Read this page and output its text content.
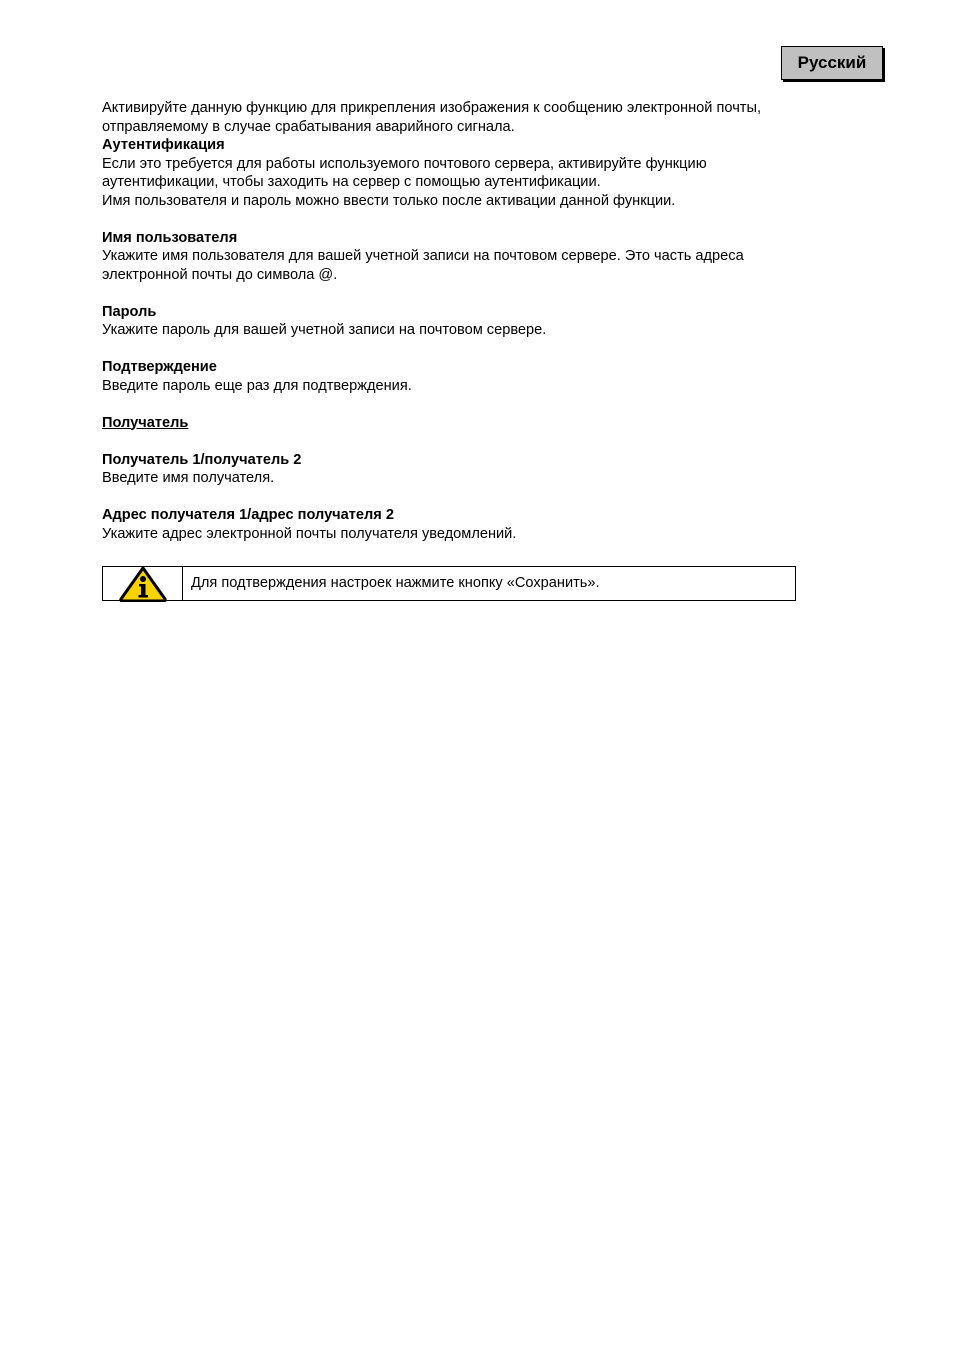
Русский

Активируйте данную функцию для прикрепления изображения к сообщению электронной почты,

отправляемому в случае срабатывания аварийного сигнала.

Аутентификация

Если это требуется для работы используемого почтового сервера, активируйте функцию

аутентификации, чтобы заходить на сервер с помощью аутентификации.

Имя пользователя и пароль можно ввести только после активации данной функции.

Имя пользователя

Укажите имя пользователя для вашей учетной записи на почтовом сервере. Это часть адреса

электронной почты до символа @.

Пароль

Укажите пароль для вашей учетной записи на почтовом сервере.

Подтверждение

Введите пароль еще раз для подтверждения.

Получатель

Получатель 1/получатель 2

Введите имя получателя.

Адрес получателя 1/адрес получателя 2

Укажите адрес электронной почты получателя уведомлений.

Для подтверждения настроек нажмите кнопку «Сохранить».
